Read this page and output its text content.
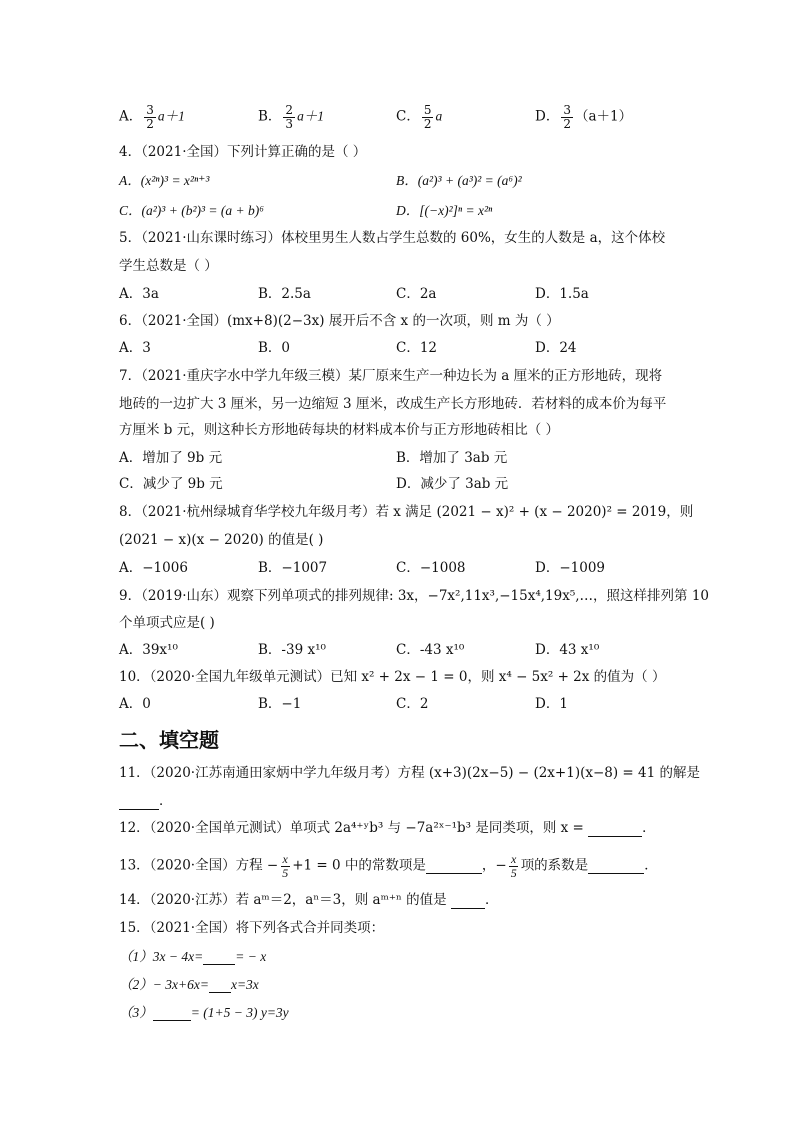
A． $\frac{3}{2} a+1$	B． $\frac{2}{3} a+1$	C． $\frac{5}{2}$ a	D． $\frac{3}{2} (a+1)$
4．（2021·全国）下列计算正确的是（ ）
A．(x²ⁿ)³ = x²ⁿ⁺³	B．(a²)³ + (a³)² = (a⁶)²
C．(a²)³ + (b²)³ = (a + b)⁶	D．[(−x)²]ⁿ = x²ⁿ
5．（2021·山东课时练习）体校里男生人数占学生总数的 60%，女生的人数是 a，这个体校
学生总数是（ ）
A．3a	B．2.5a	C．2a	D．1.5a
6．（2021·全国）(mx+8)(2−3x) 展开后不含 x 的一次项，则 m 为（ ）
A．3	B．0	C．12	D．24
7．（2021·重庆字水中学九年级三模）某厂原来生产一种边长为 a 厘米的正方形地砖，现将
地砖的一边扩大 3 厘米，另一边缩短 3 厘米，改成生产长方形地砖．若材料的成本价为每平
方厘米 b 元，则这种长方形地砖每块的材料成本价与正方形地砖相比（ ）
A．增加了 9b 元	B．增加了 3ab 元
C．减少了 9b 元	D．减少了 3ab 元
8．（2021·杭州绿城育华学校九年级月考）若 x 满足 (2021 − x)² + (x − 2020)² = 2019，则
(2021 − x)(x − 2020) 的值是( )
A．−1006	B．−1007	C．−1008	D．−1009
9．（2019·山东）观察下列单项式的排列规律: 3x，−7x²,11x³,−15x⁴,19x⁵,…，照这样排列第 10
个单项式应是( )
A．39x¹⁰	B．-39 x¹⁰	C．-43 x¹⁰	D．43 x¹⁰
10．（2020·全国九年级单元测试）已知 x² + 2x − 1 = 0，则 x⁴ − 5x² + 2x 的值为（ ）
A．0	B．−1	C．2	D．1
二、填空题
11．（2020·江苏南通田家炳中学九年级月考）方程 (x+3)(2x−5) − (2x+1)(x−8) = 41 的解是
．
12．（2020·全国单元测试）单项式 2a⁴⁺ʸb³ 与 −7a²ˣ⁻¹b³ 是同类项，则 x =	．
13．（2020·全国）方程 − $\frac{x}{5} +1 = 0$ 中的常数项是	，− $\frac{x}{5}$ 项的系数是	．
14．（2020·江苏）若 aᵐ＝2，aⁿ＝3，则 aᵐ⁺ⁿ 的值是	．
15．（2021·全国）将下列各式合并同类项：
（1）3x − 4x= = − x
（2）− 3x+6x= x=3x
（3）	= (1+5 − 3) y=3y
